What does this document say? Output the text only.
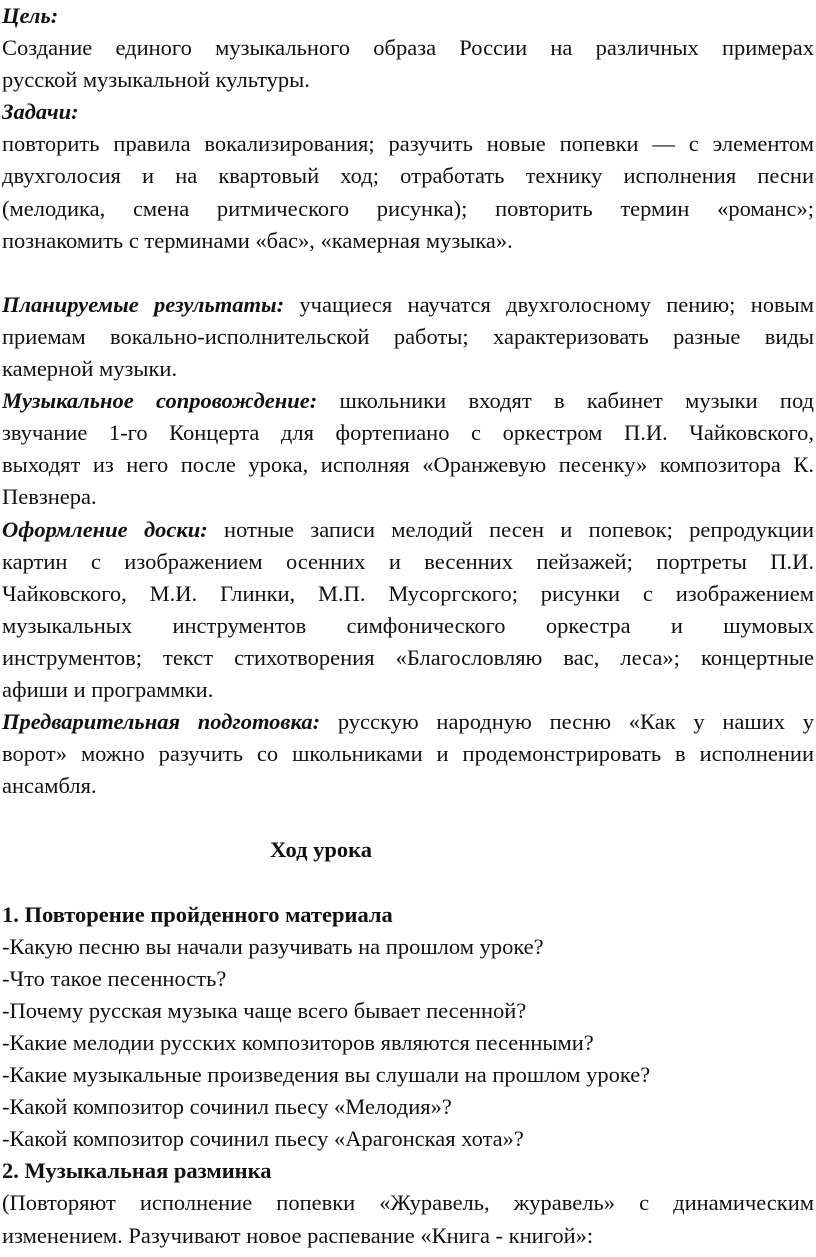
Цель:
Создание единого музыкального образа России на различных примерах
русской музыкальной культуры.
Задачи:
повторить правила вокализирования; разучить новые попевки — с элементом
двухголосия и на квартовый ход; отработать технику исполнения песни
(мелодика, смена ритмического рисунка); повторить термин «романс»;
познакомить с терминами «бас», «камерная музыка».
Планируемые результаты: учащиеся научатся двухголосному пению; новым
приемам вокально-исполнительской работы; характеризовать разные виды
камерной музыки.
Музыкальное сопровождение: школьники входят в кабинет музыки под
звучание 1-го Концерта для фортепиано с оркестром П.И. Чайковского,
выходят из него после урока, исполняя «Оранжевую песенку» композитора К.
Певзнера.
Оформление доски: нотные записи мелодий песен и попевок; репродукции
картин с изображением осенних и весенних пейзажей; портреты П.И.
Чайковского, М.И. Глинки, М.П. Мусоргского; рисунки с изображением
музыкальных инструментов симфонического оркестра и шумовых
инструментов; текст стихотворения «Благословляю вас, леса»; концертные
афиши и программки.
Предварительная подготовка: русскую народную песню «Как у наших у
ворот» можно разучить со школьниками и продемонстрировать в исполнении
ансамбля.
Ход урока
1. Повторение пройденного материала
-Какую песню вы начали разучивать на прошлом уроке?
-Что такое песенность?
-Почему русская музыка чаще всего бывает песенной?
-Какие мелодии русских композиторов являются песенными?
-Какие музыкальные произведения вы слушали на прошлом уроке?
-Какой композитор сочинил пьесу «Мелодия»?
-Какой композитор сочинил пьесу «Арагонская хота»?
2. Музыкальная разминка
(Повторяют исполнение попевки «Журавель, журавель» с динамическим
изменением. Разучивают новое распевание «Книга - книгой»:
